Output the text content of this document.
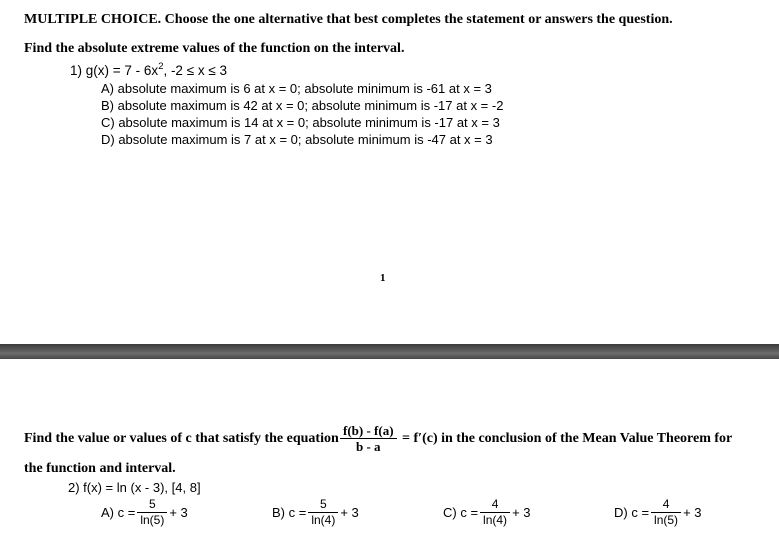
MULTIPLE CHOICE. Choose the one alternative that best completes the statement or answers the question.
Find the absolute extreme values of the function on the interval.
1) $g(x) = 7 - 6x^2$, -2 ≤ x ≤ 3
A) absolute maximum is 6 at x = 0; absolute minimum is -61 at x = 3
B) absolute maximum is 42 at x = 0; absolute minimum is -17 at x = -2
C) absolute maximum is 14 at x = 0; absolute minimum is -17 at x = 3
D) absolute maximum is 7 at x = 0; absolute minimum is -47 at x = 3
1
Find the value or values of c that satisfy the equation $\frac{f(b) - f(a)}{b - a} = f'(c)$ in the conclusion of the Mean Value Theorem for
the function and interval.
2) f(x) = ln (x - 3), [4, 8]
A) $c = \frac{5}{\ln(5)} + 3$	B) $c = \frac{5}{\ln(4)} + 3$	C) $c = \frac{4}{\ln(4)} + 3$	D) $c = \frac{4}{\ln(5)} + 3$
